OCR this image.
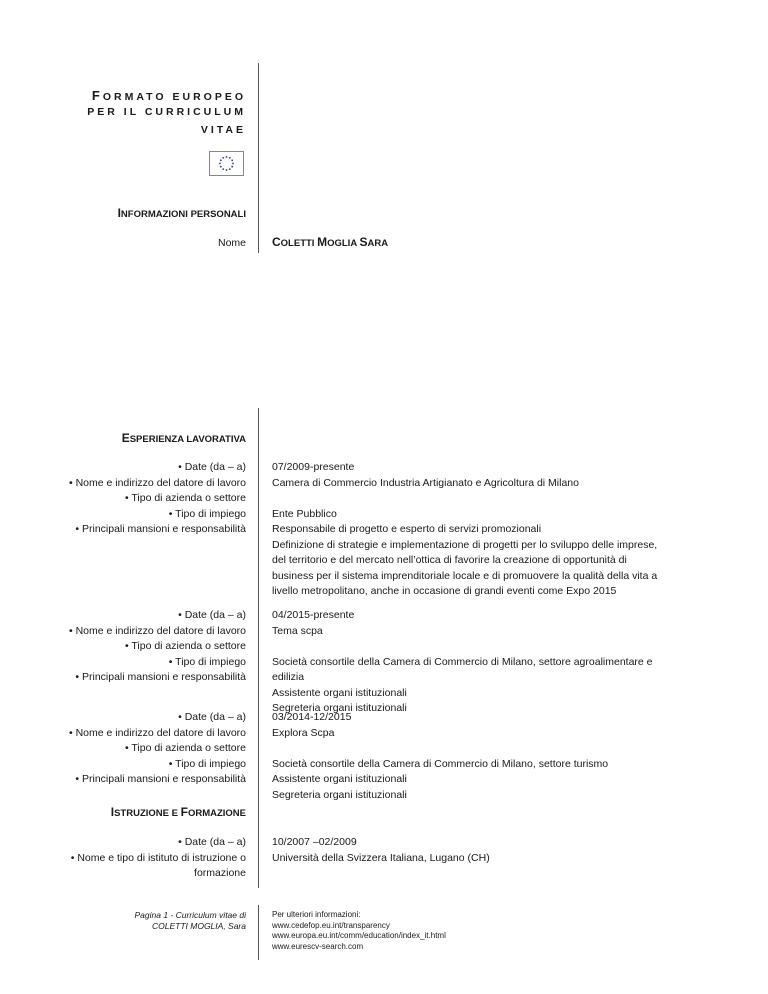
FORMATO EUROPEO
PER IL CURRICULUM
VITAE
INFORMAZIONI PERSONALI
Nome COLETTI MOGLIA SARA
ESPERIENZA LAVORATIVA
• Date (da – a)
• Nome e indirizzo del datore di lavoro
• Tipo di azienda o settore
• Tipo di impiego
• Principali mansioni e responsabilità
07/2009-presente
Camera di Commercio Industria Artigianato e Agricoltura di Milano
Ente Pubblico
Responsabile di progetto e esperto di servizi promozionali
Definizione di strategie e implementazione di progetti per lo sviluppo delle imprese, del territorio e del mercato nell’ottica di favorire la creazione di opportunità di business per il sistema imprenditoriale locale e di promuovere la qualità della vita a livello metropolitano, anche in occasione di grandi eventi come Expo 2015
• Date (da – a)
• Nome e indirizzo del datore di lavoro
• Tipo di azienda o settore
• Tipo di impiego
• Principali mansioni e responsabilità
04/2015-presente
Tema scpa
Società consortile della Camera di Commercio di Milano, settore agroalimentare e edilizia
Assistente organi istituzionali
Segreteria organi istituzionali
• Date (da – a)
• Nome e indirizzo del datore di lavoro
• Tipo di azienda o settore
• Tipo di impiego
• Principali mansioni e responsabilità
03/2014-12/2015
Explora Scpa
Società consortile della Camera di Commercio di Milano, settore turismo
Assistente organi istituzionali
Segreteria organi istituzionali
ISTRUZIONE E FORMAZIONE
• Date (da – a)
• Nome e tipo di istituto di istruzione o formazione
10/2007 –02/2009
Università della Svizzera Italiana, Lugano (CH)
Pagina 1 - Curriculum vitae di
COLETTI MOGLIA, Sara
Per ulteriori informazioni:
www.cedefop.eu.int/transparency
www.europa.eu.int/comm/education/index_it.html
www.eurescv-search.com
